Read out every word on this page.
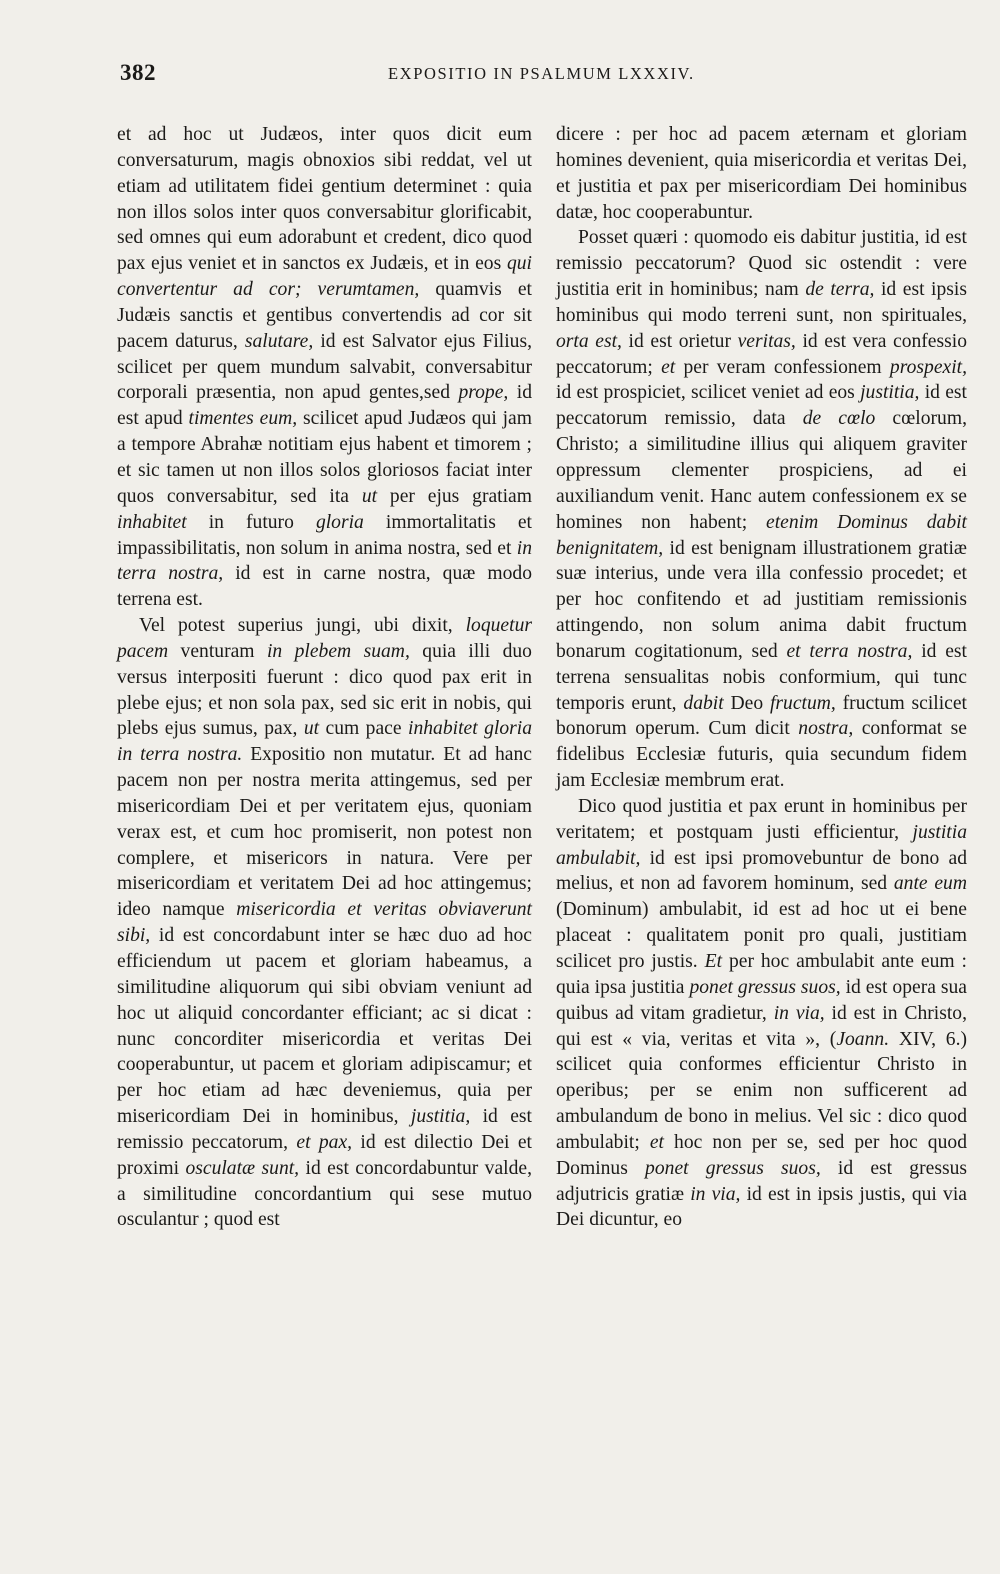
382	EXPOSITIO IN PSALMUM LXXXIV.

et ad hoc ut Judæos, inter quos dicit eum conversaturum, magis obnoxios sibi reddat, vel ut etiam ad utilitatem fidei gentium determinet : quia non illos solos inter quos conversabitur glorificabit, sed omnes qui eum adorabunt et credent, dico quod pax ejus veniet et in sanctos ex Judæis, et in eos qui convertentur ad cor; verumtamen, quamvis et Judæis sanctis et gentibus convertendis ad cor sit pacem daturus, salutare, id est Salvator ejus Filius, scilicet per quem mundum salvabit, conversabitur corporali præsentia, non apud gentes,sed prope, id est apud timentes eum, scilicet apud Judæos qui jam a tempore Abrahæ notitiam ejus habent et timorem ; et sic tamen ut non illos solos gloriosos faciat inter quos conversabitur, sed ita ut per ejus gratiam inhabitet in futuro gloria immortalitatis et impassibilitatis, non solum in anima nostra, sed et in terra nostra, id est in carne nostra, quæ modo terrena est.

Vel potest superius jungi, ubi dixit, loquetur pacem venturam in plebem suam, quia illi duo versus interpositi fuerunt : dico quod pax erit in plebe ejus; et non sola pax, sed sic erit in nobis, qui plebs ejus sumus, pax, ut cum pace inhabitet gloria in terra nostra. Expositio non mutatur. Et ad hanc pacem non per nostra merita attingemus, sed per misericordiam Dei et per veritatem ejus, quoniam verax est, et cum hoc promiserit, non potest non complere, et misericors in natura. Vere per misericordiam et veritatem Dei ad hoc attingemus; ideo namque misericordia et veritas obviaverunt sibi, id est concordabunt inter se hæc duo ad hoc efficiendum ut pacem et gloriam habeamus, a similitudine aliquorum qui sibi obviam veniunt ad hoc ut aliquid concordanter efficiant; ac si dicat : nunc concorditer misericordia et veritas Dei cooperabuntur, ut pacem et gloriam adipiscamur; et per hoc etiam ad hæc deveniemus, quia per misericordiam Dei in hominibus, justitia, id est remissio peccatorum, et pax, id est dilectio Dei et proximi osculatæ sunt, id est concordabuntur valde, a similitudine concordantium qui sese mutuo osculantur ; quod est

dicere : per hoc ad pacem æternam et gloriam homines devenient, quia misericordia et veritas Dei, et justitia et pax per misericordiam Dei hominibus datæ, hoc cooperabuntur.

Posset quæri : quomodo eis dabitur justitia, id est remissio peccatorum? Quod sic ostendit : vere justitia erit in hominibus; nam de terra, id est ipsis hominibus qui modo terreni sunt, non spirituales, orta est, id est orietur veritas, id est vera confessio peccatorum; et per veram confessionem prospexit, id est prospiciet, scilicet veniet ad eos justitia, id est peccatorum remissio, data de cœlo cœlorum, Christo; a similitudine illius qui aliquem graviter oppressum clementer prospiciens, ad ei auxiliandum venit. Hanc autem confessionem ex se homines non habent; etenim Dominus dabit benignitatem, id est benignam illustrationem gratiæ suæ interius, unde vera illa confessio procedet; et per hoc confitendo et ad justitiam remissionis attingendo, non solum anima dabit fructum bonarum cogitationum, sed et terra nostra, id est terrena sensualitas nobis conformium, qui tunc temporis erunt, dabit Deo fructum, fructum scilicet bonorum operum. Cum dicit nostra, conformat se fidelibus Ecclesiæ futuris, quia secundum fidem jam Ecclesiæ membrum erat.

Dico quod justitia et pax erunt in hominibus per veritatem; et postquam justi efficientur, justitia ambulabit, id est ipsi promovebuntur de bono ad melius, et non ad favorem hominum, sed ante eum (Dominum) ambulabit, id est ad hoc ut ei bene placeat : qualitatem ponit pro quali, justitiam scilicet pro justis. Et per hoc ambulabit ante eum : quia ipsa justitia ponet gressus suos, id est opera sua quibus ad vitam gradietur, in via, id est in Christo, qui est « via, veritas et vita », (Joann. XIV, 6.) scilicet quia conformes efficientur Christo in operibus; per se enim non sufficerent ad ambulandum de bono in melius. Vel sic : dico quod ambulabit; et hoc non per se, sed per hoc quod Dominus ponet gressus suos, id est gressus adjutricis gratiæ in via, id est in ipsis justis, qui via Dei dicuntur, eo
